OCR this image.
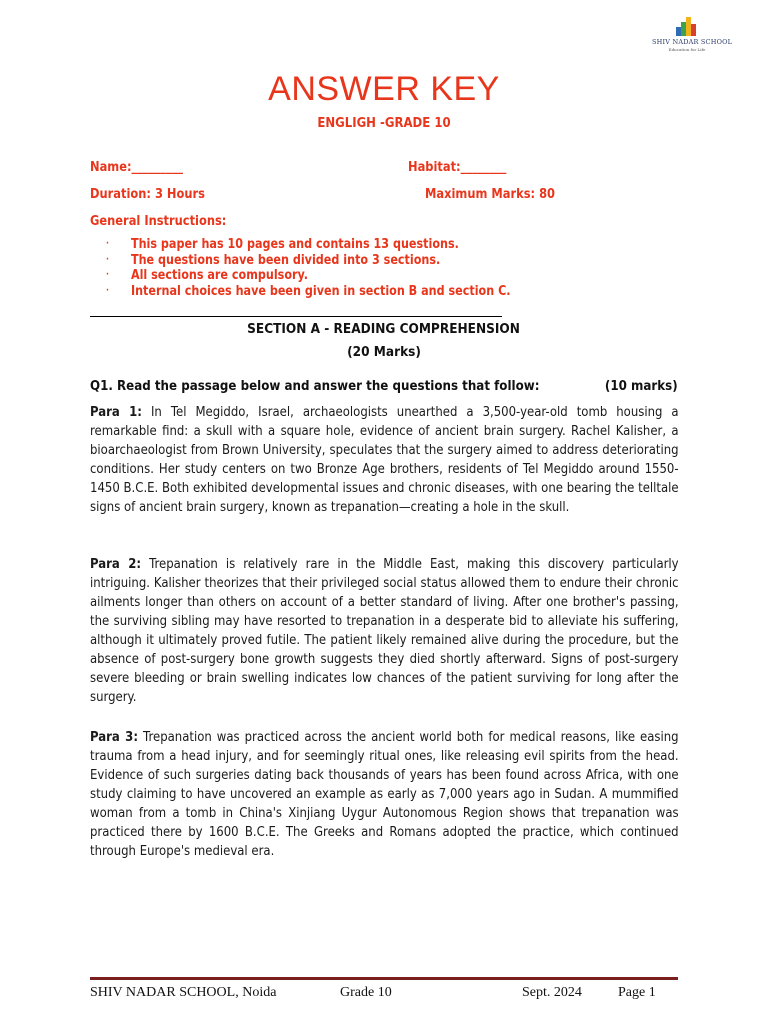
SHIV NADAR SCHOOL
Education for Life
ANSWER KEY
ENGLIGH -GRADE 10
Name:_________	Habitat:________
Duration: 3 Hours	Maximum Marks: 80
General Instructions:
· This paper has 10 pages and contains 13 questions.
· The questions have been divided into 3 sections.
· All sections are compulsory.
· Internal choices have been given in section B and section C.
SECTION A - READING COMPREHENSION
(20 Marks)
Q1. Read the passage below and answer the questions that follow:	(10 marks)
Para 1: In Tel Megiddo, Israel, archaeologists unearthed a 3,500-year-old tomb housing a remarkable find: a skull with a square hole, evidence of ancient brain surgery. Rachel Kalisher, a bioarchaeologist from Brown University, speculates that the surgery aimed to address deteriorating conditions. Her study centers on two Bronze Age brothers, residents of Tel Megiddo around 1550-1450 B.C.E. Both exhibited developmental issues and chronic diseases, with one bearing the telltale signs of ancient brain surgery, known as trepanation—creating a hole in the skull.
Para 2: Trepanation is relatively rare in the Middle East, making this discovery particularly intriguing. Kalisher theorizes that their privileged social status allowed them to endure their chronic ailments longer than others on account of a better standard of living. After one brother's passing, the surviving sibling may have resorted to trepanation in a desperate bid to alleviate his suffering, although it ultimately proved futile. The patient likely remained alive during the procedure, but the absence of post-surgery bone growth suggests they died shortly afterward. Signs of post-surgery severe bleeding or brain swelling indicates low chances of the patient surviving for long after the surgery.
Para 3: Trepanation was practiced across the ancient world both for medical reasons, like easing trauma from a head injury, and for seemingly ritual ones, like releasing evil spirits from the head. Evidence of such surgeries dating back thousands of years has been found across Africa, with one study claiming to have uncovered an example as early as 7,000 years ago in Sudan. A mummified woman from a tomb in China's Xinjiang Uygur Autonomous Region shows that trepanation was practiced there by 1600 B.C.E. The Greeks and Romans adopted the practice, which continued through Europe's medieval era.
SHIV NADAR SCHOOL, Noida	Grade 10	Sept. 2024	Page 1
